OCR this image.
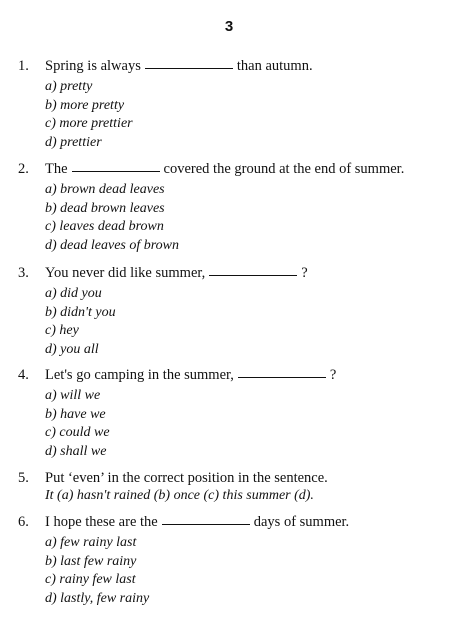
3
1. Spring is always	than autumn.
a) pretty
b) more pretty
c) more prettier
d) prettier
2. The	covered the ground at the end of summer.
a) brown dead leaves
b) dead brown leaves
c) leaves dead brown
d) dead leaves of brown
3. You never did like summer,	?
a) did you
b) didn't you
c) hey
d) you all
4. Let's go camping in the summer,	?
a) will we
b) have we
c) could we
d) shall we
5. Put ‘even’ in the correct position in the sentence.
It (a) hasn't rained (b) once (c) this summer (d).
6. I hope these are the	days of summer.
a) few rainy last
b) last few rainy
c) rainy few last
d) lastly, few rainy
